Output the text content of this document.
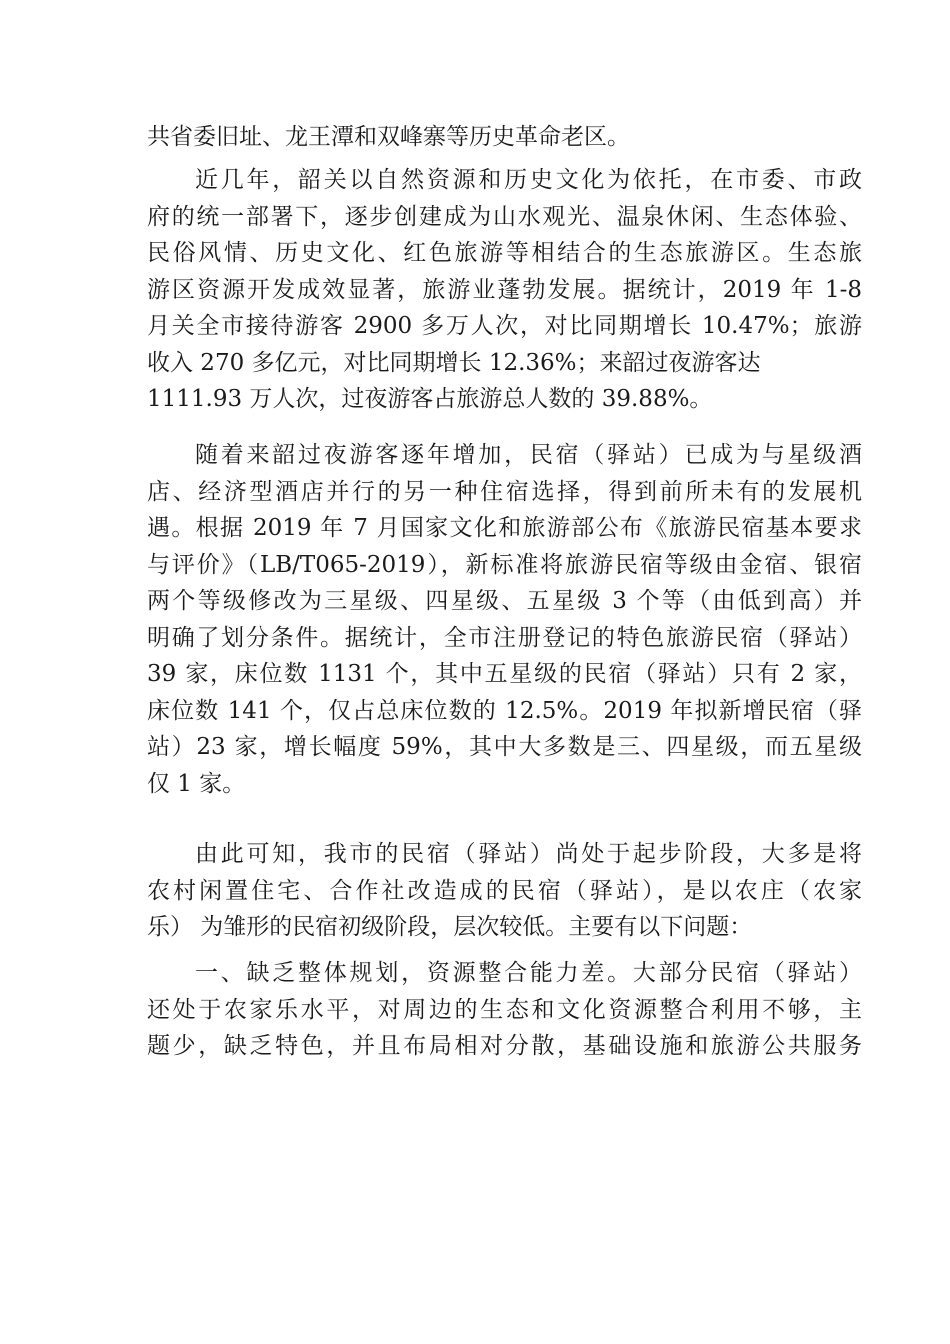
共省委旧址、龙王潭和双峰寨等历史革命老区。
近几年，韶关以自然资源和历史文化为依托，在市委、市政
府的统一部署下，逐步创建成为山水观光、温泉休闲、生态体验、
民俗风情、历史文化、红色旅游等相结合的生态旅游区。生态旅
游区资源开发成效显著，旅游业蓬勃发展。据统计，2019 年 1-8
月关全市接待游客 2900 多万人次，对比同期增长 10.47%；旅游
收入 270 多亿元，对比同期增长 12.36%；来韶过夜游客达
1111.93 万人次，过夜游客占旅游总人数的 39.88%。
随着来韶过夜游客逐年增加，民宿（驿站）已成为与星级酒
店、经济型酒店并行的另一种住宿选择，得到前所未有的发展机
遇。根据 2019 年 7 月国家文化和旅游部公布《旅游民宿基本要求
与评价》（LB/T065-2019），新标准将旅游民宿等级由金宿、银宿
两个等级修改为三星级、四星级、五星级 3 个等（由低到高）并
明确了划分条件。据统计，全市注册登记的特色旅游民宿（驿站）
39 家，床位数 1131 个，其中五星级的民宿（驿站）只有 2 家，
床位数 141 个，仅占总床位数的 12.5%。2019 年拟新增民宿（驿
站）23 家，增长幅度 59%，其中大多数是三、四星级，而五星级
仅 1 家。
由此可知，我市的民宿（驿站）尚处于起步阶段，大多是将
农村闲置住宅、合作社改造成的民宿（驿站），是以农庄（农家
乐） 为雏形的民宿初级阶段，层次较低。主要有以下问题：
一、缺乏整体规划，资源整合能力差。大部分民宿（驿站）
还处于农家乐水平，对周边的生态和文化资源整合利用不够，主
题少，缺乏特色，并且布局相对分散，基础设施和旅游公共服务
